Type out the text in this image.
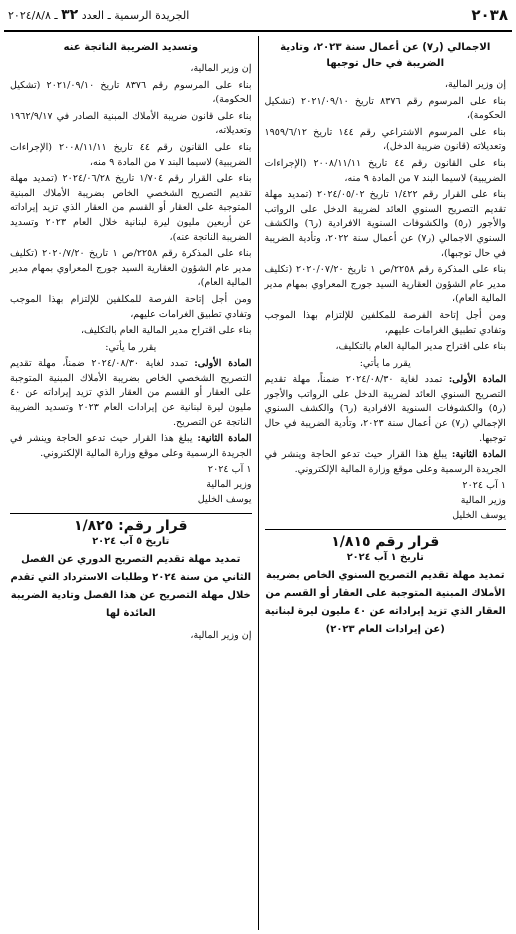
٢٠٣٨
الجريدة الرسمية ـ العدد ٣٢ ـ ٢٠٢٤/٨/٨
الاجمالي (ر٧) عن أعمال سنة ٢٠٢٣، وتادية الضريبة في حال توجبها

إن وزير المالية،

بناء على المرسوم رقم ٨٣٧٦ تاريخ ٢٠٢١/٠٩/١٠ (تشكيل الحكومة)،

بناء على المرسوم الاشتراعي رقم ١٤٤ تاريخ ١٩٥٩/٦/١٢ وتعديلاته (قانون ضريبة الدخل)،

بناء على القانون رقم ٤٤ تاريخ ٢٠٠٨/١١/١١ (الإجراءات الضريبية) لاسيما البند ٧ من المادة ٩ منه،

بناء على القرار رقم ١/٤٢٢ تاريخ ٢٠٢٤/٠٥/٠٢ (تمديد مهلة تقديم التصريح السنوي العائد لضريبة الدخل على الرواتب والأجور (ر٥) والكشوفات السنوية الافرادية (ر٦) والكشف السنوي الاجمالي (ر٧) عن أعمال سنة ٢٠٢٢، وتأدية الضريبة في حال توجبها)،

بناء على المذكرة رقم ٢٢٥٨/ص ١ تاريخ ٢٠٢٠/٠٧/٢٠ (تكليف مدير عام الشؤون العقارية السيد جورج المعراوي بمهام مدير المالية العام)،

ومن أجل إتاحة الفرصة للمكلفين للإلتزام بهذا الموجب وتفادي تطبيق الغرامات عليهم،

بناء على اقتراح مدير المالية العام بالتكليف،

يقرر ما يأتي:

المادة الأولى: تمدد لغاية ٢٠٢٤/٠٨/٣٠ ضمناً، مهلة تقديم التصريح السنوي العائد لضريبة الدخل على الرواتب والأجور (ر٥) والكشوفات السنوية الافرادية (ر٦) والكشف السنوي الإجمالي (ر٧) عن أعمال سنة ٢٠٢٣، وتأدية الضريبة في حال توجبها.

المادة الثانية: يبلغ هذا القرار حيث تدعو الحاجة وينشر في الجريدة الرسمية وعلى موقع وزارة المالية الإلكتروني.

١ آب ٢٠٢٤

وزير المالية

يوسف الخليل

قرار رقم ١/٨١٥
تاريخ ١ آب ٢٠٢٤
تمديد مهلة تقديم التصريح السنوي الخاص بضريبة الأملاك المبنية المتوجبة على العقار أو القسم من العقار الذي تزيد إيراداته عن ٤٠ مليون ليرة لبنانية (عن إيرادات العام ٢٠٢٣)
وتسديد الضريبة الناتجة عنه

إن وزير المالية،

بناء على المرسوم رقم ٨٣٧٦ تاريخ ٢٠٢١/٠٩/١٠ (تشكيل الحكومة)،

بناء على قانون ضريبة الأملاك المبنية الصادر في ١٩٦٢/٩/١٧ وتعديلاته،

بناء على القانون رقم ٤٤ تاريخ ٢٠٠٨/١١/١١ (الإجراءات الضريبية) لاسيما البند ٧ من المادة ٩ منه،

بناء على القرار رقم ١/٧٠٤ تاريخ ٢٠٢٤/٠٦/٢٨ (تمديد مهلة تقديم التصريح الشخصي الخاص بضريبة الأملاك المبنية المتوجبة على العقار أو القسم من العقار الذي تزيد إيراداته عن أربعين مليون ليرة لبنانية خلال العام ٢٠٢٣ وتسديد الضريبة الناتجة عنه)،

بناء على المذكرة رقم ٢٢٥٨/ص ١ تاريخ ٢٠٢٠/٧/٢٠ (تكليف مدير عام الشؤون العقارية السيد جورج المعراوي بمهام مدير المالية العام)،

ومن أجل إتاحة الفرصة للمكلفين للإلتزام بهذا الموجب وتفادي تطبيق الغرامات عليهم،

بناء على اقتراح مدير المالية العام بالتكليف،

يقرر ما يأتي:

المادة الأولى: تمدد لغاية ٢٠٢٤/٠٨/٣٠ ضمناً، مهلة تقديم التصريح الشخصي الخاص بضريبة الأملاك المبنية المتوجبة على العقار أو القسم من العقار الذي تزيد إيراداته عن ٤٠ مليون ليرة لبنانية عن إيرادات العام ٢٠٢٣ وتسديد الضريبة الناتجة عن التصريح.

المادة الثانية: يبلغ هذا القرار حيث تدعو الحاجة وينشر في الجريدة الرسمية وعلى موقع وزارة المالية الإلكتروني.

١ آب ٢٠٢٤

وزير المالية

يوسف الخليل

قرار رقم: ١/٨٢٥
تاريخ ٥ آب ٢٠٢٤
تمديد مهلة تقديم التصريح الدوري عن الفصل الثاني من سنة ٢٠٢٤ وطلبات الاسترداد التي تقدم خلال مهلة التصريح عن هذا الفصل وتادية الضريبة العائدة لها

إن وزير المالية،
